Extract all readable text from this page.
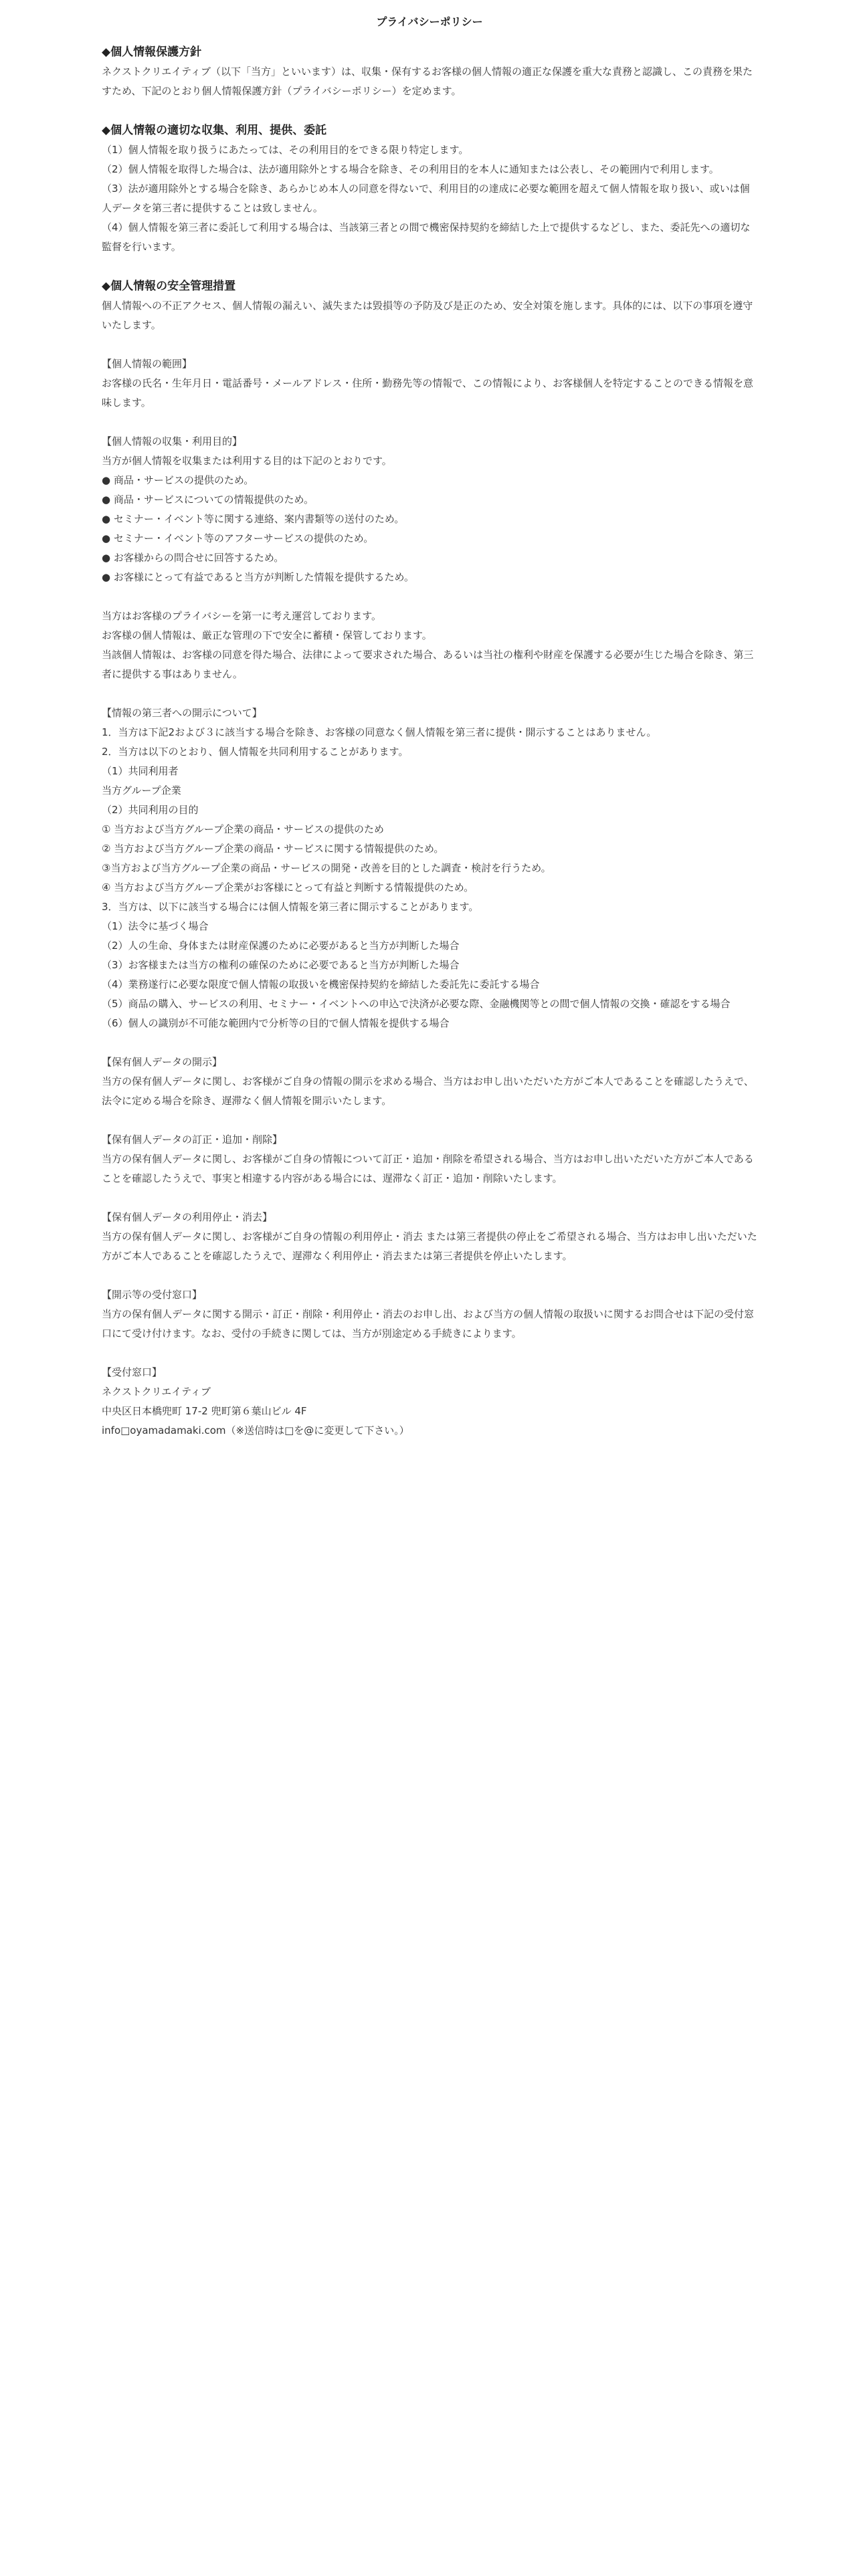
プライバシーポリシー

◆個人情報保護方針

ネクストクリエイティブ（以下「当方」といいます）は、収集・保有するお客様の個人情報の適正な保護を重大な責務と認識し、この責務を果たすため、下記のとおり個人情報保護方針（プライバシーポリシー）を定めます。

◆個人情報の適切な収集、利用、提供、委託

（1）個人情報を取り扱うにあたっては、その利用目的をできる限り特定します。

（2）個人情報を取得した場合は、法が適用除外とする場合を除き、その利用目的を本人に通知または公表し、その範囲内で利用します。

（3）法が適用除外とする場合を除き、あらかじめ本人の同意を得ないで、利用目的の達成に必要な範囲を超えて個人情報を取り扱い、或いは個人データを第三者に提供することは致しません。

（4）個人情報を第三者に委託して利用する場合は、当該第三者との間で機密保持契約を締結した上で提供するなどし、また、委託先への適切な監督を行います。

◆個人情報の安全管理措置

個人情報への不正アクセス、個人情報の漏えい、滅失または毀損等の予防及び是正のため、安全対策を施します。具体的には、以下の事項を遵守いたします。

【個人情報の範囲】

お客様の氏名・生年月日・電話番号・メールアドレス・住所・勤務先等の情報で、この情報により、お客様個人を特定することのできる情報を意味します。

【個人情報の収集・利用目的】

当方が個人情報を収集または利用する目的は下記のとおりです。

● 商品・サービスの提供のため。

● 商品・サービスについての情報提供のため。

● セミナー・イベント等に関する連絡、案内書類等の送付のため。

● セミナー・イベント等のアフターサービスの提供のため。

● お客様からの問合せに回答するため。

● お客様にとって有益であると当方が判断した情報を提供するため。

当方はお客様のプライバシーを第一に考え運営しております。

お客様の個人情報は、厳正な管理の下で安全に蓄積・保管しております。

当該個人情報は、お客様の同意を得た場合、法律によって要求された場合、あるいは当社の権利や財産を保護する必要が生じた場合を除き、第三者に提供する事はありません。

【情報の第三者への開示について】

1．当方は下記2および３に該当する場合を除き、お客様の同意なく個人情報を第三者に提供・開示することはありません。

2．当方は以下のとおり、個人情報を共同利用することがあります。

（1）共同利用者

当方グループ企業

（2）共同利用の目的

① 当方および当方グループ企業の商品・サービスの提供のため

② 当方および当方グループ企業の商品・サービスに関する情報提供のため。

③当方および当方グループ企業の商品・サービスの開発・改善を目的とした調査・検討を行うため。

④ 当方および当方グループ企業がお客様にとって有益と判断する情報提供のため。

3．当方は、以下に該当する場合には個人情報を第三者に開示することがあります。

（1）法令に基づく場合

（2）人の生命、身体または財産保護のために必要があると当方が判断した場合

（3）お客様または当方の権利の確保のために必要であると当方が判断した場合

（4）業務遂行に必要な限度で個人情報の取扱いを機密保持契約を締結した委託先に委託する場合

（5）商品の購入、サービスの利用、セミナー・イベントへの申込で決済が必要な際、金融機関等との間で個人情報の交換・確認をする場合

（6）個人の識別が不可能な範囲内で分析等の目的で個人情報を提供する場合

【保有個人データの開示】

当方の保有個人データに関し、お客様がご自身の情報の開示を求める場合、当方はお申し出いただいた方がご本人であることを確認したうえで、法令に定める場合を除き、遅滞なく個人情報を開示いたします。

【保有個人データの訂正・追加・削除】

当方の保有個人データに関し、お客様がご自身の情報について訂正・追加・削除を希望される場合、当方はお申し出いただいた方がご本人であることを確認したうえで、事実と相違する内容がある場合には、遅滞なく訂正・追加・削除いたします。

【保有個人データの利用停止・消去】

当方の保有個人データに関し、お客様がご自身の情報の利用停止・消去 または第三者提供の停止をご希望される場合、当方はお申し出いただいた方がご本人であることを確認したうえで、遅滞なく利用停止・消去または第三者提供を停止いたします。

【開示等の受付窓口】

当方の保有個人データに関する開示・訂正・削除・利用停止・消去のお申し出、および当方の個人情報の取扱いに関するお問合せは下記の受付窓口にて受け付けます。なお、受付の手続きに関しては、当方が別途定める手続きによります。

【受付窓口】

ネクストクリエイティブ

中央区日本橋兜町 17-2 兜町第６葉山ビル 4F

info□oyamadamaki.com（※送信時は□を@に変更して下さい。）
